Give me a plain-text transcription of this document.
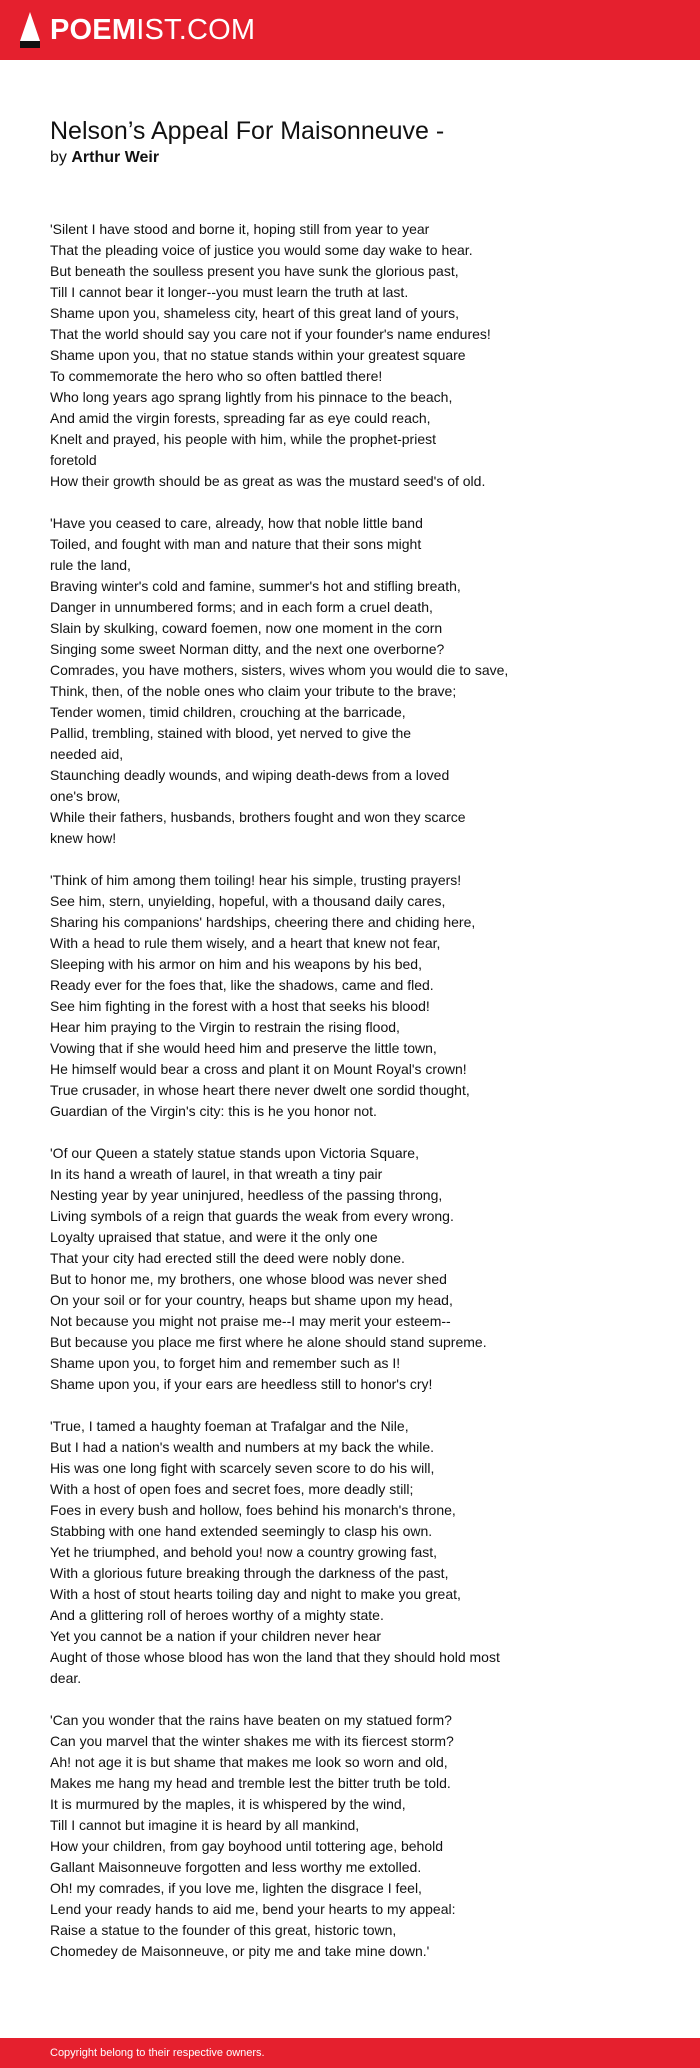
POEMIST.COM
Nelson’s Appeal For Maisonneuve -
by Arthur Weir
'Silent I have stood and borne it, hoping still from year to year
That the pleading voice of justice you would some day wake to hear.
But beneath the soulless present you have sunk the glorious past,
Till I cannot bear it longer--you must learn the truth at last.
Shame upon you, shameless city, heart of this great land of yours,
That the world should say you care not if your founder's name endures!
Shame upon you, that no statue stands within your greatest square
To commemorate the hero who so often battled there!
Who long years ago sprang lightly from his pinnace to the beach,
And amid the virgin forests, spreading far as eye could reach,
Knelt and prayed, his people with him, while the prophet-priest
foretold
How their growth should be as great as was the mustard seed's of old.
'Have you ceased to care, already, how that noble little band
Toiled, and fought with man and nature that their sons might
rule the land,
Braving winter's cold and famine, summer's hot and stifling breath,
Danger in unnumbered forms; and in each form a cruel death,
Slain by skulking, coward foemen, now one moment in the corn
Singing some sweet Norman ditty, and the next one overborne?
Comrades, you have mothers, sisters, wives whom you would die to save,
Think, then, of the noble ones who claim your tribute to the brave;
Tender women, timid children, crouching at the barricade,
Pallid, trembling, stained with blood, yet nerved to give the
needed aid,
Staunching deadly wounds, and wiping death-dews from a loved
one's brow,
While their fathers, husbands, brothers fought and won they scarce
knew how!
'Think of him among them toiling! hear his simple, trusting prayers!
See him, stern, unyielding, hopeful, with a thousand daily cares,
Sharing his companions' hardships, cheering there and chiding here,
With a head to rule them wisely, and a heart that knew not fear,
Sleeping with his armor on him and his weapons by his bed,
Ready ever for the foes that, like the shadows, came and fled.
See him fighting in the forest with a host that seeks his blood!
Hear him praying to the Virgin to restrain the rising flood,
Vowing that if she would heed him and preserve the little town,
He himself would bear a cross and plant it on Mount Royal's crown!
True crusader, in whose heart there never dwelt one sordid thought,
Guardian of the Virgin's city: this is he you honor not.
'Of our Queen a stately statue stands upon Victoria Square,
In its hand a wreath of laurel, in that wreath a tiny pair
Nesting year by year uninjured, heedless of the passing throng,
Living symbols of a reign that guards the weak from every wrong.
Loyalty upraised that statue, and were it the only one
That your city had erected still the deed were nobly done.
But to honor me, my brothers, one whose blood was never shed
On your soil or for your country, heaps but shame upon my head,
Not because you might not praise me--I may merit your esteem--
But because you place me first where he alone should stand supreme.
Shame upon you, to forget him and remember such as I!
Shame upon you, if your ears are heedless still to honor's cry!
'True, I tamed a haughty foeman at Trafalgar and the Nile,
But I had a nation's wealth and numbers at my back the while.
His was one long fight with scarcely seven score to do his will,
With a host of open foes and secret foes, more deadly still;
Foes in every bush and hollow, foes behind his monarch's throne,
Stabbing with one hand extended seemingly to clasp his own.
Yet he triumphed, and behold you! now a country growing fast,
With a glorious future breaking through the darkness of the past,
With a host of stout hearts toiling day and night to make you great,
And a glittering roll of heroes worthy of a mighty state.
Yet you cannot be a nation if your children never hear
Aught of those whose blood has won the land that they should hold most
dear.
'Can you wonder that the rains have beaten on my statued form?
Can you marvel that the winter shakes me with its fiercest storm?
Ah! not age it is but shame that makes me look so worn and old,
Makes me hang my head and tremble lest the bitter truth be told.
It is murmured by the maples, it is whispered by the wind,
Till I cannot but imagine it is heard by all mankind,
How your children, from gay boyhood until tottering age, behold
Gallant Maisonneuve forgotten and less worthy me extolled.
Oh! my comrades, if you love me, lighten the disgrace I feel,
Lend your ready hands to aid me, bend your hearts to my appeal:
Raise a statue to the founder of this great, historic town,
Chomedey de Maisonneuve, or pity me and take mine down.'
Copyright belong to their respective owners.
